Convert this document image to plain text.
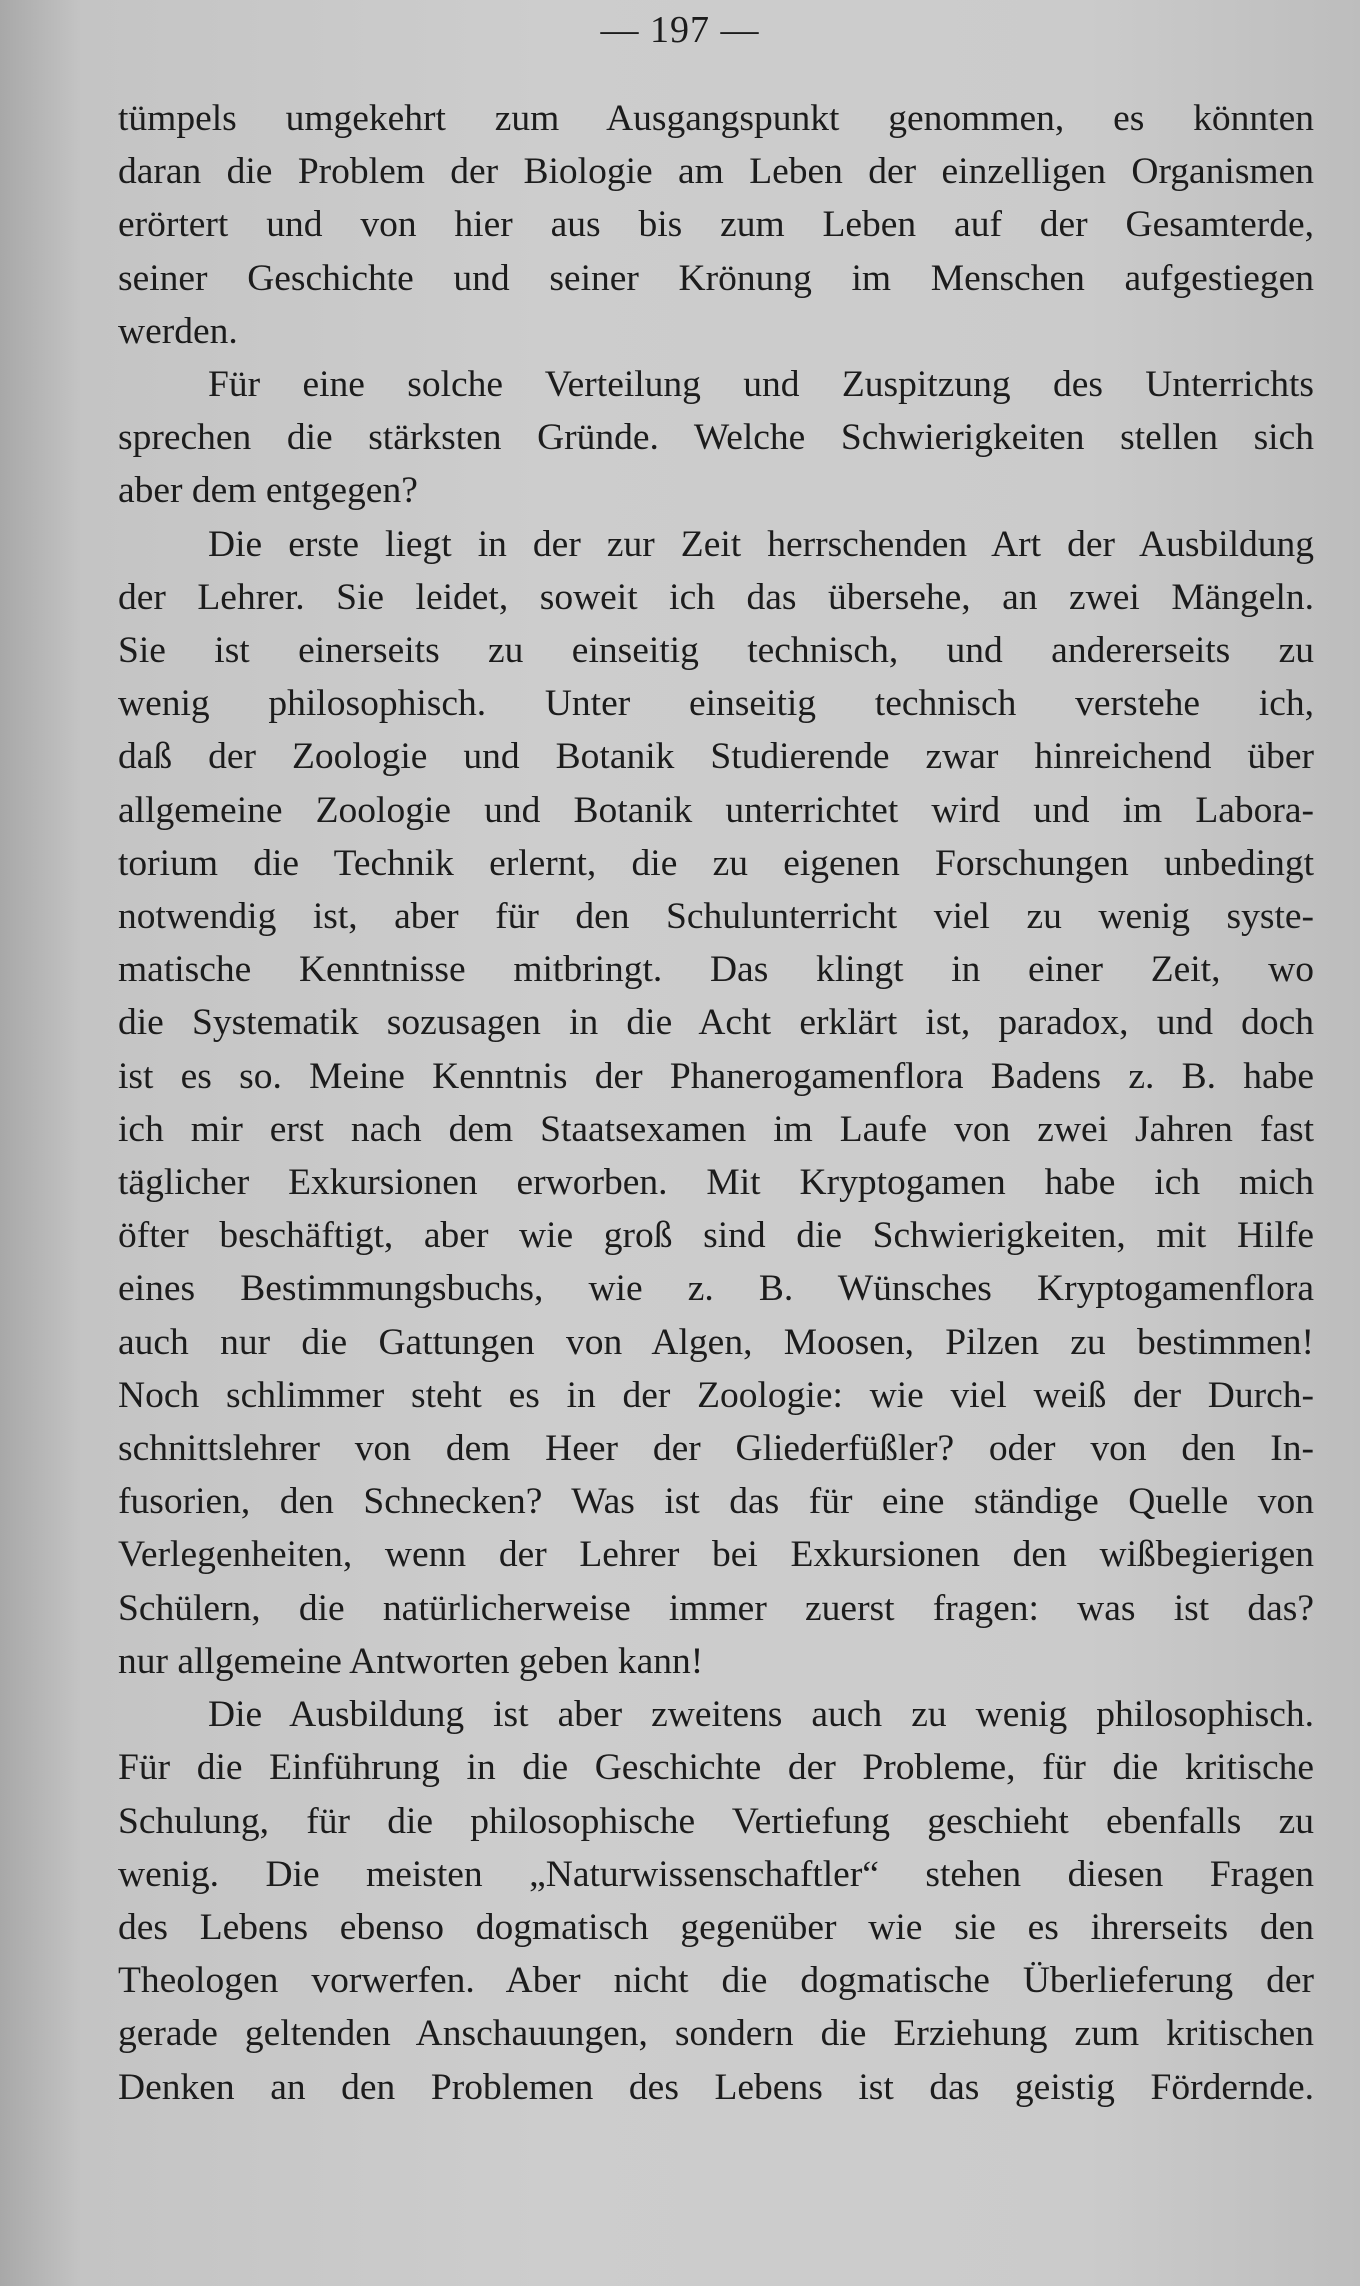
— 197 —
tümpels umgekehrt zum Ausgangspunkt genommen, es könnten
daran die Problem der Biologie am Leben der einzelligen Organismen
erörtert und von hier aus bis zum Leben auf der Gesamterde,
seiner Geschichte und seiner Krönung im Menschen aufgestiegen
werden.
Für eine solche Verteilung und Zuspitzung des Unterrichts
sprechen die stärksten Gründe. Welche Schwierigkeiten stellen sich
aber dem entgegen?
Die erste liegt in der zur Zeit herrschenden Art der Ausbildung
der Lehrer. Sie leidet, soweit ich das übersehe, an zwei Mängeln.
Sie ist einerseits zu einseitig technisch, und andererseits zu
wenig philosophisch. Unter einseitig technisch verstehe ich,
daß der Zoologie und Botanik Studierende zwar hinreichend über
allgemeine Zoologie und Botanik unterrichtet wird und im Labora-
torium die Technik erlernt, die zu eigenen Forschungen unbedingt
notwendig ist, aber für den Schulunterricht viel zu wenig syste-
matische Kenntnisse mitbringt. Das klingt in einer Zeit, wo
die Systematik sozusagen in die Acht erklärt ist, paradox, und doch
ist es so. Meine Kenntnis der Phanerogamenflora Badens z. B. habe
ich mir erst nach dem Staatsexamen im Laufe von zwei Jahren fast
täglicher Exkursionen erworben. Mit Kryptogamen habe ich mich
öfter beschäftigt, aber wie groß sind die Schwierigkeiten, mit Hilfe
eines Bestimmungsbuchs, wie z. B. Wünsches Kryptogamenflora
auch nur die Gattungen von Algen, Moosen, Pilzen zu bestimmen!
Noch schlimmer steht es in der Zoologie: wie viel weiß der Durch-
schnittslehrer von dem Heer der Gliederfüßler? oder von den In-
fusorien, den Schnecken? Was ist das für eine ständige Quelle von
Verlegenheiten, wenn der Lehrer bei Exkursionen den wißbegierigen
Schülern, die natürlicherweise immer zuerst fragen: was ist das?
nur allgemeine Antworten geben kann!
Die Ausbildung ist aber zweitens auch zu wenig philosophisch.
Für die Einführung in die Geschichte der Probleme, für die kritische
Schulung, für die philosophische Vertiefung geschieht ebenfalls zu
wenig. Die meisten „Naturwissenschaftler“ stehen diesen Fragen
des Lebens ebenso dogmatisch gegenüber wie sie es ihrerseits den
Theologen vorwerfen. Aber nicht die dogmatische Überlieferung der
gerade geltenden Anschauungen, sondern die Erziehung zum kritischen
Denken an den Problemen des Lebens ist das geistig Fördernde.
